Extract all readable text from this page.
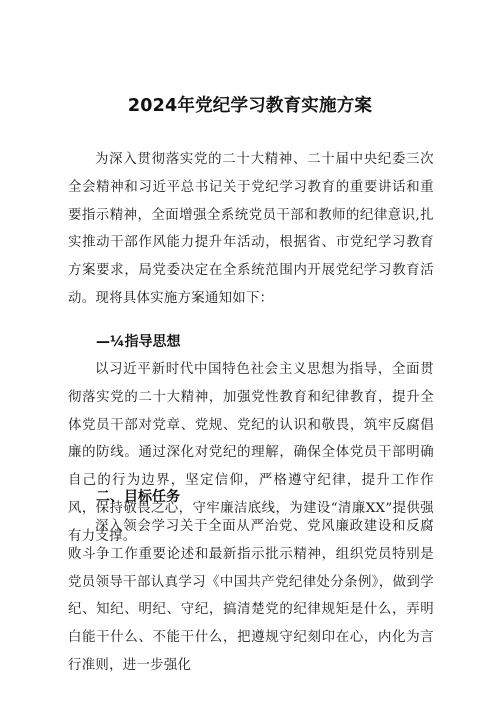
2024年党纪学习教育实施方案
为深入贯彻落实党的二十大精神、二十届中央纪委三次全会精神和习近平总书记关于党纪学习教育的重要讲话和重要指示精神，全面增强全系统党员干部和教师的纪律意识,扎实推动干部作风能力提升年活动，根据省、市党纪学习教育方案要求，局党委决定在全系统范围内开展党纪学习教育活动。现将具体实施方案通知如下：
—¼指导思想
以习近平新时代中国特色社会主义思想为指导，全面贯彻落实党的二十大精神，加强党性教育和纪律教育，提升全体党员干部对党章、党规、党纪的认识和敬畏，筑牢反腐倡廉的防线。通过深化对党纪的理解，确保全体党员干部明确自己的行为边界，坚定信仰，严格遵守纪律，提升工作作风，保持敬畏之心，守牢廉洁底线，为建设“清廉XX”提供强有力支撑。
二、目标任务
深入领会学习关于全面从严治党、党风廉政建设和反腐败斗争工作重要论述和最新指示批示精神，组织党员特别是党员领导干部认真学习《中国共产党纪律处分条例》，做到学纪、知纪、明纪、守纪，搞清楚党的纪律规矩是什么，弄明白能干什么、不能干什么，把遵规守纪刻印在心，内化为言行准则，进一步强化
